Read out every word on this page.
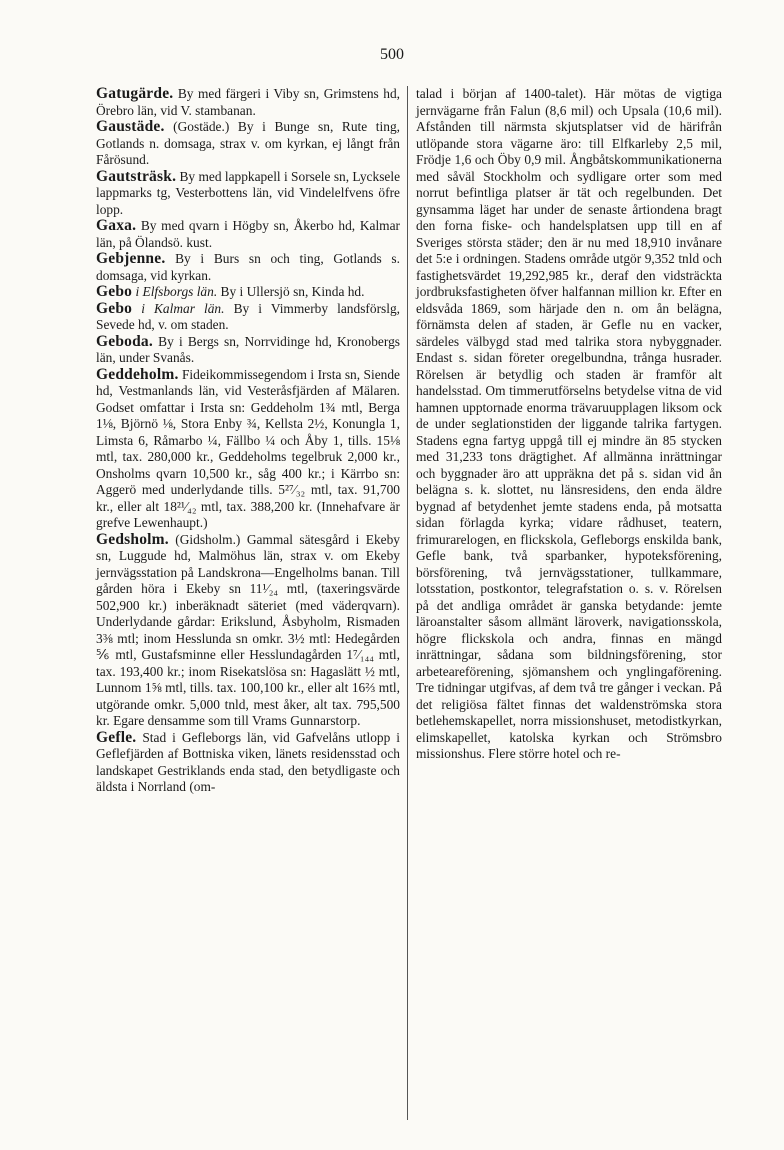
500

Gatugärde. By med färgeri i Viby sn, Grimstens hd, Örebro län, vid V. stambanan.

Gaustäde. (Gostäde.) By i Bunge sn, Rute ting, Gotlands n. domsaga, strax v. om kyrkan, ej långt från Fårösund.

Gautsträsk. By med lappkapell i Sorsele sn, Lycksele lappmarks tg, Vesterbottens län, vid Vindelelfvens öfre lopp.

Gaxa. By med qvarn i Högby sn, Åkerbo hd, Kalmar län, på Ölandsö. kust.

Gebjenne. By i Burs sn och ting, Gotlands s. domsaga, vid kyrkan.

Gebo i Elfsborgs län. By i Ullersjö sn, Kinda hd.

Gebo i Kalmar län. By i Vimmerby landsförslg, Sevede hd, v. om staden.

Geboda. By i Bergs sn, Norrvidinge hd, Kronobergs län, under Svanås.

Geddeholm. Fideikommissegendom i Irsta sn, Siende hd, Vestmanlands län, vid Vesteråsfjärden af Mälaren. Godset omfattar i Irsta sn: Geddeholm 1¾ mtl, Berga 1⅛, Björnö ⅛, Stora Enby ¾, Kellsta 2½, Konungla 1, Limsta 6, Råmarbo ¼, Fällbo ¼ och Åby 1, tills. 15⅛ mtl, tax. 280,000 kr., Geddeholms tegelbruk 2,000 kr., Onsholms qvarn 10,500 kr., såg 400 kr.; i Kärrbo sn: Aggerö med underlydande tills. 5²⁷⁄₃₂ mtl, tax. 91,700 kr., eller alt 18²¹⁄₄₂ mtl, tax. 388,200 kr. (Innehafvare är grefve Lewenhaupt.)

Gedsholm. (Gidsholm.) Gammal sätesgård i Ekeby sn, Luggude hd, Malmöhus län, strax v. om Ekeby jernvägsstation på Landskrona—Engelholms banan. Till gården höra i Ekeby sn 11¹⁄₂₄ mtl, (taxeringsvärde 502,900 kr.) inberäknadt säteriet (med väderqvarn). Underlydande gårdar: Erikslund, Åsbyholm, Rismaden 3⅜ mtl; inom Hesslunda sn omkr. 3½ mtl: Hedegården ⅚ mtl, Gustafsminne eller Hesslundagården 1⁷⁄₁₄₄ mtl, tax. 193,400 kr.; inom Risekatslösa sn: Hagaslätt ½ mtl, Lunnom 1⅝ mtl, tills. tax. 100,100 kr., eller alt 16⅔ mtl, utgörande omkr. 5,000 tnld, mest åker, alt tax. 795,500 kr. Egare densamme som till Vrams Gunnarstorp.

Gefle. Stad i Gefleborgs län, vid Gafvelåns utlopp i Geflefjärden af Bottniska viken, länets residensstad och landskapet Gestriklands enda stad, den betydligaste och äldsta i Norrland (om-

talad i början af 1400-talet). Här mötas de vigtiga jernvägarne från Falun (8,6 mil) och Upsala (10,6 mil). Afstånden till närmsta skjutsplatser vid de härifrån utlöpande stora vägarne äro: till Elfkarleby 2,5 mil, Frödje 1,6 och Öby 0,9 mil. Ångbåtskommunikationerna med såväl Stockholm och sydligare orter som med norrut befintliga platser är tät och regelbunden. Det gynsamma läget har under de senaste årtiondena bragt den forna fiske- och handelsplatsen upp till en af Sveriges största städer; den är nu med 18,910 invånare det 5:e i ordningen. Stadens område utgör 9,352 tnld och fastighetsvärdet 19,292,985 kr., deraf den vidsträckta jordbruksfastigheten öfver halfannan million kr. Efter en eldsvåda 1869, som härjade den n. om ån belägna, förnämsta delen af staden, är Gefle nu en vacker, särdeles välbygd stad med talrika stora nybyggnader. Endast s. sidan företer oregelbundna, trånga husrader. Rörelsen är betydlig och staden är framför alt handelsstad. Om timmerutförselns betydelse vitna de vid hamnen upptornade enorma trävaruupplagen liksom ock de under seglationstiden der liggande talrika fartygen. Stadens egna fartyg uppgå till ej mindre än 85 stycken med 31,233 tons drägtighet. Af allmänna inrättningar och byggnader äro att uppräkna det på s. sidan vid ån belägna s. k. slottet, nu länsresidens, den enda äldre bygnad af betydenhet jemte stadens enda, på motsatta sidan förlagda kyrka; vidare rådhuset, teatern, frimurarelogen, en flickskola, Gefleborgs enskilda bank, Gefle bank, två sparbanker, hypoteksförening, börsförening, två jernvägsstationer, tullkammare, lotsstation, postkontor, telegrafstation o. s. v. Rörelsen på det andliga området är ganska betydande: jemte läroanstalter såsom allmänt läroverk, navigationsskola, högre flickskola och andra, finnas en mängd inrättningar, sådana som bildningsförening, stor arbeteareförening, sjömanshem och ynglingaförening. Tre tidningar utgifvas, af dem två tre gånger i veckan. På det religiösa fältet finnas det waldenströmska stora betlehemskapellet, norra missionshuset, metodistkyrkan, elimskapellet, katolska kyrkan och Strömsbro missionshus. Flere större hotel och re-
